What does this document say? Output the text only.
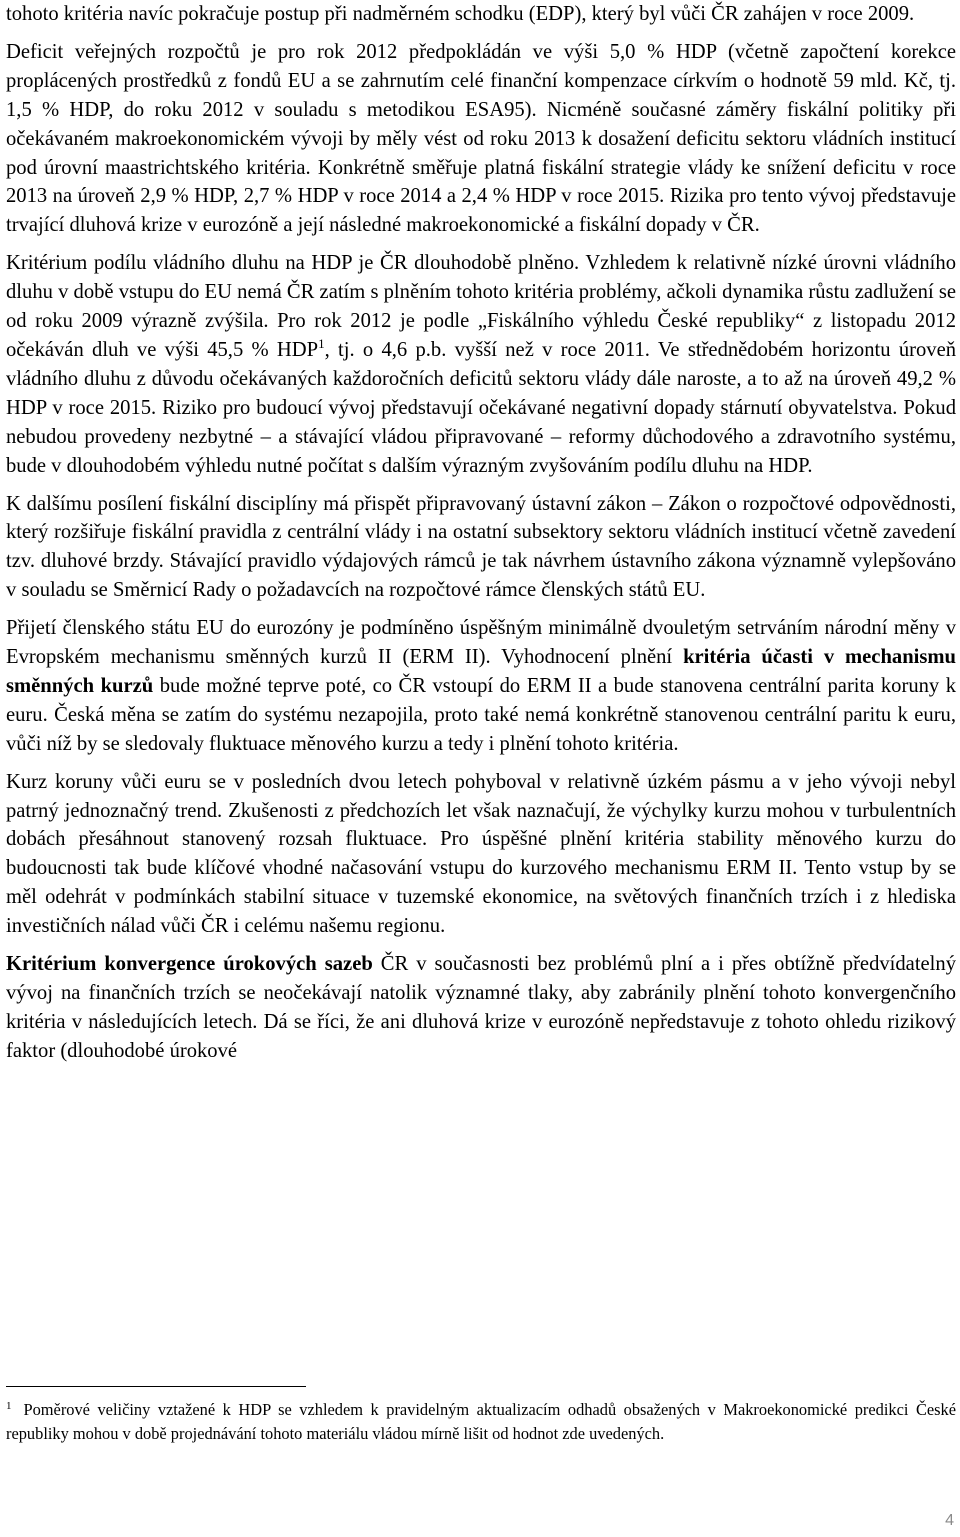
tohoto kritéria navíc pokračuje postup při nadměrném schodku (EDP), který byl vůči ČR zahájen v roce 2009.

Deficit veřejných rozpočtů je pro rok 2012 předpokládán ve výši 5,0 % HDP (včetně započtení korekce proplácených prostředků z fondů EU a se zahrnutím celé finanční kompenzace církvím o hodnotě 59 mld. Kč, tj. 1,5 % HDP, do roku 2012 v souladu s metodikou ESA95). Nicméně současné záměry fiskální politiky při očekávaném makroekonomickém vývoji by měly vést od roku 2013 k dosažení deficitu sektoru vládních institucí pod úrovní maastrichtského kritéria. Konkrétně směřuje platná fiskální strategie vlády ke snížení deficitu v roce 2013 na úroveň 2,9 % HDP, 2,7 % HDP v roce 2014 a 2,4 % HDP v roce 2015. Rizika pro tento vývoj představuje trvající dluhová krize v eurozóně a její následné makroekonomické a fiskální dopady v ČR.

Kritérium podílu vládního dluhu na HDP je ČR dlouhodobě plněno. Vzhledem k relativně nízké úrovni vládního dluhu v době vstupu do EU nemá ČR zatím s plněním tohoto kritéria problémy, ačkoli dynamika růstu zadlužení se od roku 2009 výrazně zvýšila. Pro rok 2012 je podle „Fiskálního výhledu České republiky“ z listopadu 2012 očekáván dluh ve výši 45,5 % HDP$^1$, tj. o 4,6 p.b. vyšší než v roce 2011. Ve střednědobém horizontu úroveň vládního dluhu z důvodu očekávaných každoročních deficitů sektoru vlády dále naroste, a to až na úroveň 49,2 % HDP v roce 2015. Riziko pro budoucí vývoj představují očekávané negativní dopady stárnutí obyvatelstva. Pokud nebudou provedeny nezbytné – a stávající vládou připravované – reformy důchodového a zdravotního systému, bude v dlouhodobém výhledu nutné počítat s dalším výrazným zvyšováním podílu dluhu na HDP.

K dalšímu posílení fiskální disciplíny má přispět připravovaný ústavní zákon – Zákon o rozpočtové odpovědnosti, který rozšiřuje fiskální pravidla z centrální vlády i na ostatní subsektory sektoru vládních institucí včetně zavedení tzv. dluhové brzdy. Stávající pravidlo výdajových rámců je tak návrhem ústavního zákona významně vylepšováno v souladu se Směrnicí Rady o požadavcích na rozpočtové rámce členských států EU.

Přijetí členského státu EU do eurozóny je podmíněno úspěšným minimálně dvouletým setrváním národní měny v Evropském mechanismu směnných kurzů II (ERM II). Vyhodnocení plnění kritéria účasti v mechanismu směnných kurzů bude možné teprve poté, co ČR vstoupí do ERM II a bude stanovena centrální parita koruny k euru. Česká měna se zatím do systému nezapojila, proto také nemá konkrétně stanovenou centrální paritu k euru, vůči níž by se sledovaly fluktuace měnového kurzu a tedy i plnění tohoto kritéria.

Kurz koruny vůči euru se v posledních dvou letech pohyboval v relativně úzkém pásmu a v jeho vývoji nebyl patrný jednoznačný trend. Zkušenosti z předchozích let však naznačují, že výchylky kurzu mohou v turbulentních dobách přesáhnout stanovený rozsah fluktuace. Pro úspěšné plnění kritéria stability měnového kurzu do budoucnosti tak bude klíčové vhodné načasování vstupu do kurzového mechanismu ERM II. Tento vstup by se měl odehrát v podmínkách stabilní situace v tuzemské ekonomice, na světových finančních trzích i z hlediska investičních nálad vůči ČR i celému našemu regionu.

Kritérium konvergence úrokových sazeb ČR v současnosti bez problémů plní a i přes obtížně předvídatelný vývoj na finančních trzích se neočekávají natolik významné tlaky, aby zabránily plnění tohoto konvergenčního kritéria v následujících letech. Dá se říci, že ani dluhová krize v eurozóně nepředstavuje z tohoto ohledu rizikový faktor (dlouhodobé úrokové

$^1$ Poměrové veličiny vztažené k HDP se vzhledem k pravidelným aktualizacím odhadů obsažených v Makroekonomické predikci České republiky mohou v době projednávání tohoto materiálu vládou mírně lišit od hodnot zde uvedených.
4
